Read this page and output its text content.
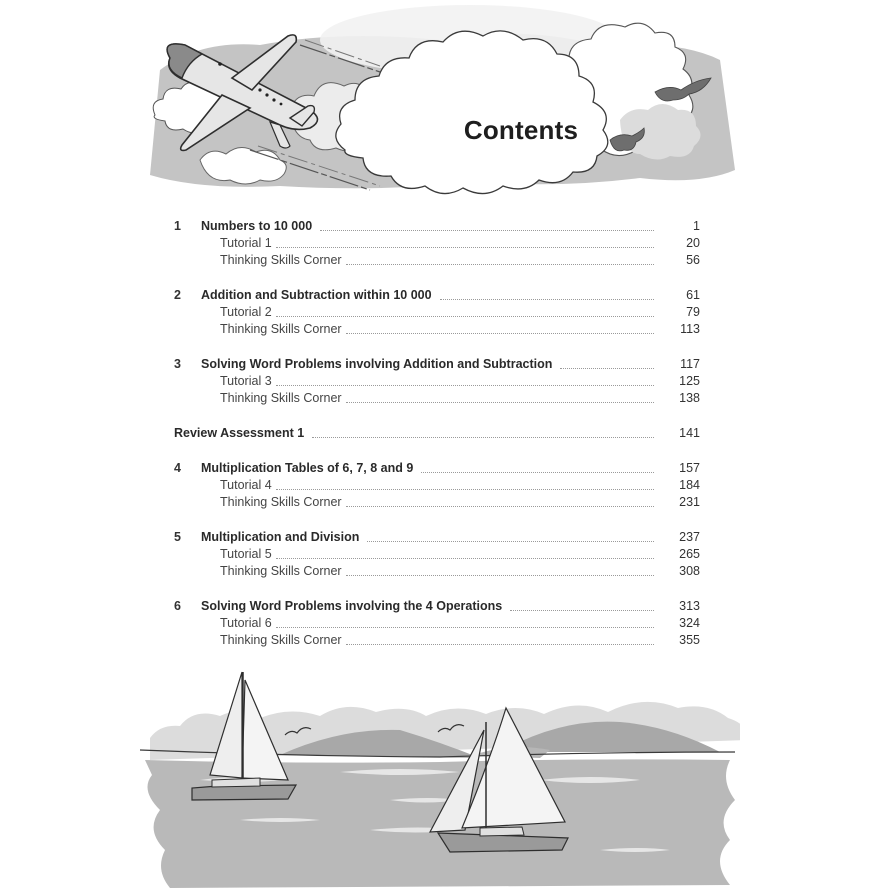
Contents
1	Numbers to 10 000	1
Tutorial 1	20
Thinking Skills Corner	56
2	Addition and Subtraction within 10 000	61
Tutorial 2	79
Thinking Skills Corner	113
3	Solving Word Problems involving Addition and Subtraction	117
Tutorial 3	125
Thinking Skills Corner	138
Review Assessment 1	141
4	Multiplication Tables of 6, 7, 8 and 9	157
Tutorial 4	184
Thinking Skills Corner	231
5	Multiplication and Division	237
Tutorial 5	265
Thinking Skills Corner	308
6	Solving Word Problems involving the 4 Operations	313
Tutorial 6	324
Thinking Skills Corner	355
